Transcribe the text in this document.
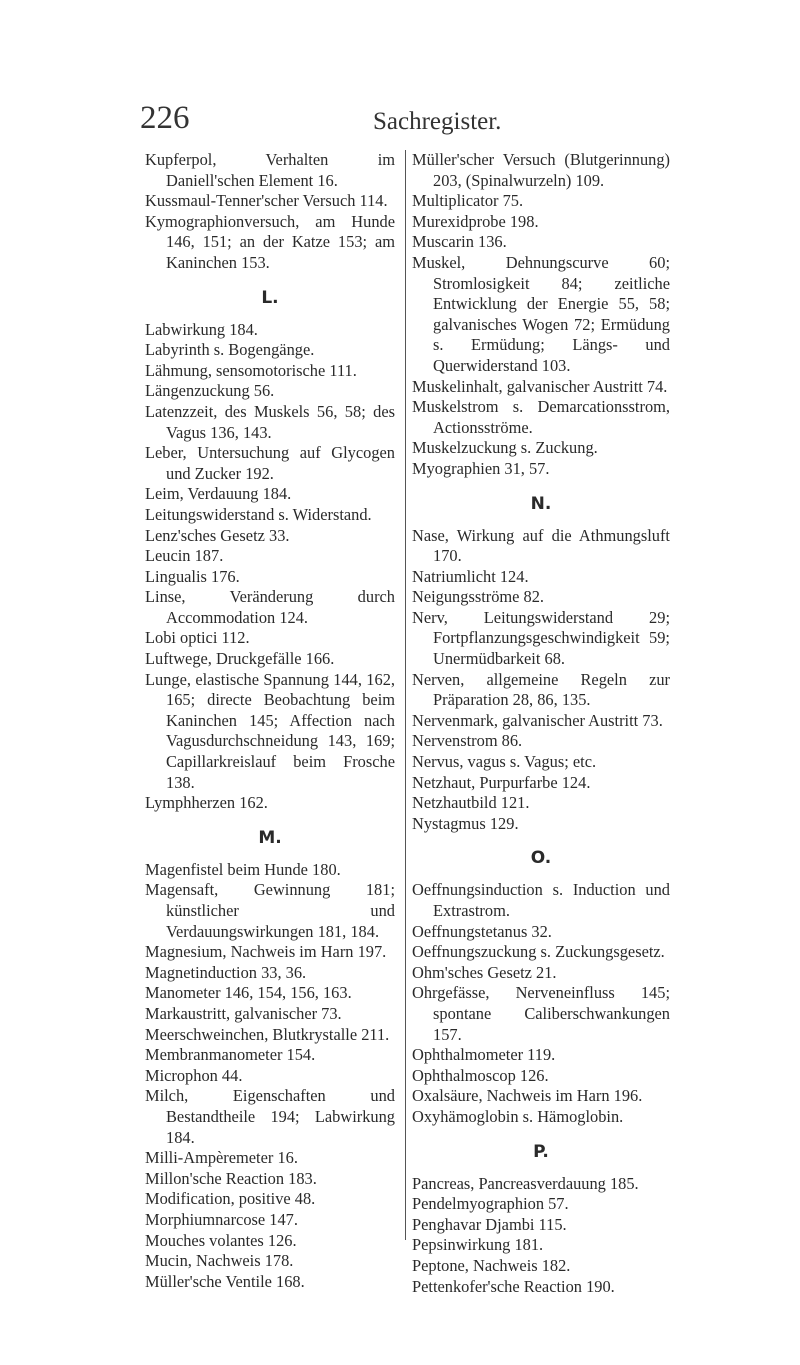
226	Sachregister.
Kupferpol, Verhalten im Daniell'schen Element 16.
Kussmaul-Tenner'scher Versuch 114.
Kymographionversuch, am Hunde 146, 151; an der Katze 153; am Kaninchen 153.
L.
Labwirkung 184.
Labyrinth s. Bogengänge.
Lähmung, sensomotorische 111.
Längenzuckung 56.
Latenzzeit, des Muskels 56, 58; des Vagus 136, 143.
Leber, Untersuchung auf Glycogen und Zucker 192.
Leim, Verdauung 184.
Leitungswiderstand s. Widerstand.
Lenz'sches Gesetz 33.
Leucin 187.
Lingualis 176.
Linse, Veränderung durch Accommodation 124.
Lobi optici 112.
Luftwege, Druckgefälle 166.
Lunge, elastische Spannung 144, 162, 165; directe Beobachtung beim Kaninchen 145; Affection nach Vagusdurchschneidung 143, 169; Capillarkreislauf beim Frosche 138.
Lymphherzen 162.
M.
Magenfistel beim Hunde 180.
Magensaft, Gewinnung 181; künstlicher und Verdauungswirkungen 181, 184.
Magnesium, Nachweis im Harn 197.
Magnetinduction 33, 36.
Manometer 146, 154, 156, 163.
Markaustritt, galvanischer 73.
Meerschweinchen, Blutkrystalle 211.
Membranmanometer 154.
Microphon 44.
Milch, Eigenschaften und Bestandtheile 194; Labwirkung 184.
Milli-Ampèremeter 16.
Millon'sche Reaction 183.
Modification, positive 48.
Morphiumnarcose 147.
Mouches volantes 126.
Mucin, Nachweis 178.
Müller'sche Ventile 168.
Müller'scher Versuch (Blutgerinnung) 203, (Spinalwurzeln) 109.
Multiplicator 75.
Murexidprobe 198.
Muscarin 136.
Muskel, Dehnungscurve 60; Stromlosigkeit 84; zeitliche Entwicklung der Energie 55, 58; galvanisches Wogen 72; Ermüdung s. Ermüdung; Längs- und Querwiderstand 103.
Muskelinhalt, galvanischer Austritt 74.
Muskelstrom s. Demarcationsstrom, Actionsströme.
Muskelzuckung s. Zuckung.
Myographien 31, 57.
N.
Nase, Wirkung auf die Athmungsluft 170.
Natriumlicht 124.
Neigungsströme 82.
Nerv, Leitungswiderstand 29; Fortpflanzungsgeschwindigkeit 59; Unermüdbarkeit 68.
Nerven, allgemeine Regeln zur Präparation 28, 86, 135.
Nervenmark, galvanischer Austritt 73.
Nervenstrom 86.
Nervus, vagus s. Vagus; etc.
Netzhaut, Purpurfarbe 124.
Netzhautbild 121.
Nystagmus 129.
O.
Oeffnungsinduction s. Induction und Extrastrom.
Oeffnungstetanus 32.
Oeffnungszuckung s. Zuckungsgesetz.
Ohm'sches Gesetz 21.
Ohrgefässe, Nerveneinfluss 145; spontane Caliberschwankungen 157.
Ophthalmometer 119.
Ophthalmoscop 126.
Oxalsäure, Nachweis im Harn 196.
Oxyhämoglobin s. Hämoglobin.
P.
Pancreas, Pancreasverdauung 185.
Pendelmyographion 57.
Penghavar Djambi 115.
Pepsinwirkung 181.
Peptone, Nachweis 182.
Pettenkofer'sche Reaction 190.
